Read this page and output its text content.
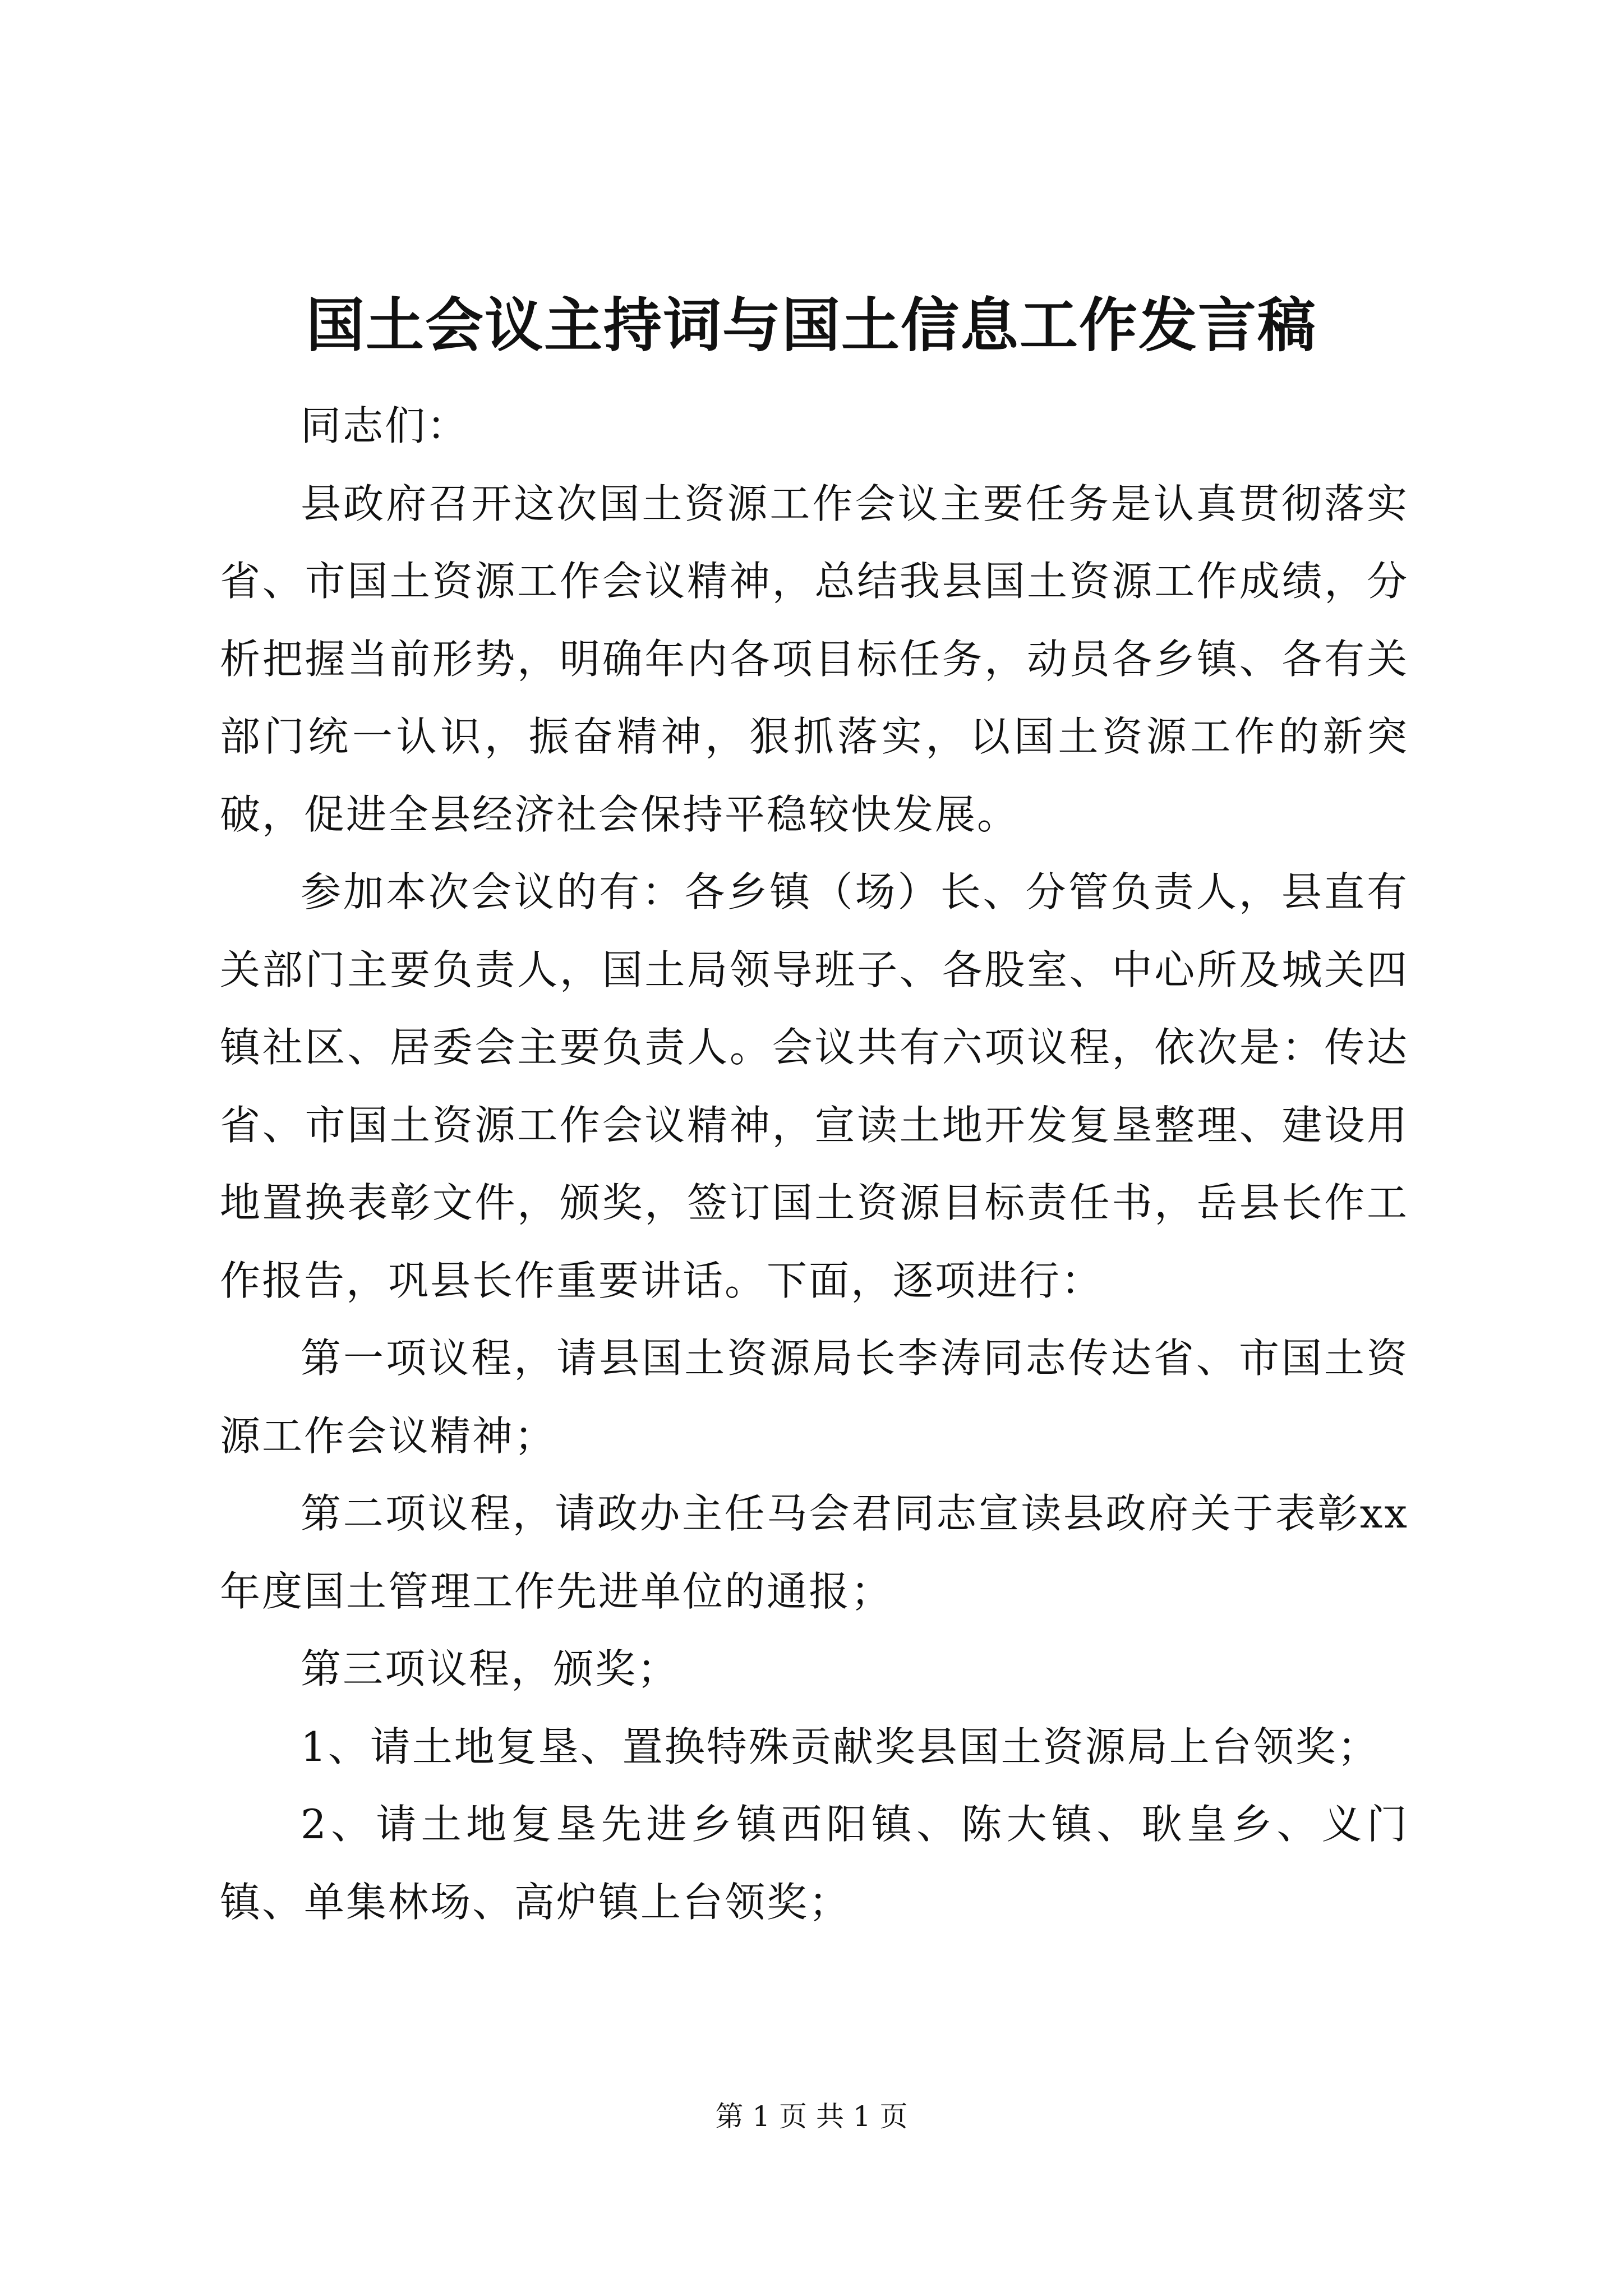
国土会议主持词与国土信息工作发言稿

同志们：

县政府召开这次国土资源工作会议主要任务是认真贯彻落实省、市国土资源工作会议精神，总结我县国土资源工作成绩，分析把握当前形势，明确年内各项目标任务，动员各乡镇、各有关部门统一认识，振奋精神，狠抓落实，以国土资源工作的新突破，促进全县经济社会保持平稳较快发展。

参加本次会议的有：各乡镇（场）长、分管负责人，县直有关部门主要负责人，国土局领导班子、各股室、中心所及城关四镇社区、居委会主要负责人。会议共有六项议程，依次是：传达省、市国土资源工作会议精神，宣读土地开发复垦整理、建设用地置换表彰文件，颁奖，签订国土资源目标责任书，岳县长作工作报告，巩县长作重要讲话。下面，逐项进行：

第一项议程，请县国土资源局长李涛同志传达省、市国土资源工作会议精神；

第二项议程，请政办主任马会君同志宣读县政府关于表彰xx年度国土管理工作先进单位的通报；

第三项议程，颁奖；

1、请土地复垦、置换特殊贡献奖县国土资源局上台领奖；

2、请土地复垦先进乡镇西阳镇、陈大镇、耿皇乡、义门镇、单集林场、高炉镇上台领奖；

第 1 页 共 1 页
